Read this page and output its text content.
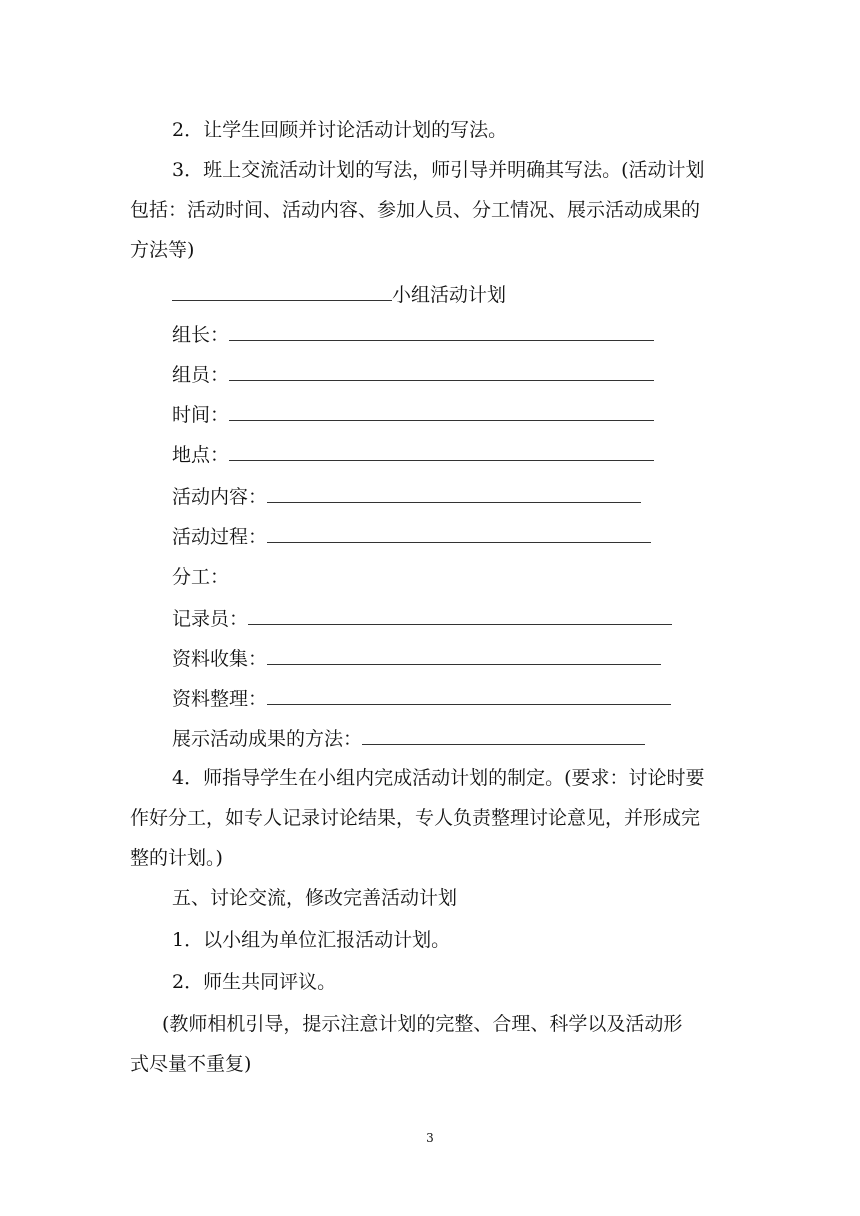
2．让学生回顾并讨论活动计划的写法。
3．班上交流活动计划的写法，师引导并明确其写法。(活动计划
包括：活动时间、活动内容、参加人员、分工情况、展示活动成果的
方法等)
小组活动计划
组长：
组员：
时间：
地点：
活动内容：
活动过程：
分工：
记录员：
资料收集：
资料整理：
展示活动成果的方法：
4．师指导学生在小组内完成活动计划的制定。(要求：讨论时要
作好分工，如专人记录讨论结果，专人负责整理讨论意见，并形成完
整的计划。)
五、讨论交流，修改完善活动计划
1．以小组为单位汇报活动计划。
2．师生共同评议。
(教师相机引导，提示注意计划的完整、合理、科学以及活动形
式尽量不重复)
3
